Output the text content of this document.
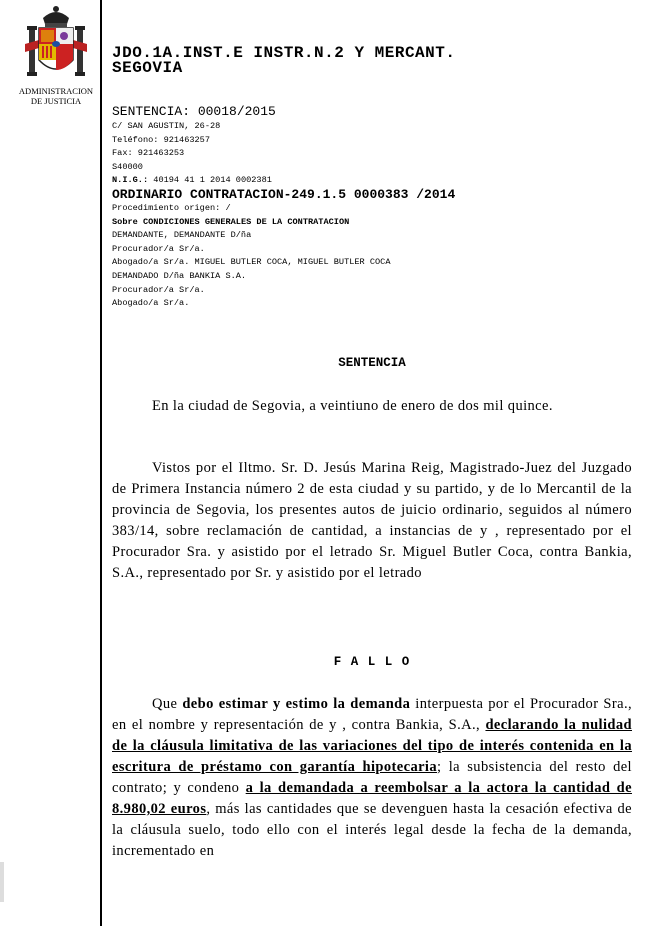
ADMINISTRACION
DE JUSTICIA
JDO.1A.INST.E INSTR.N.2 Y MERCANT.
SEGOVIA
SENTENCIA: 00018/2015
C/ SAN AGUSTIN, 26-28
Teléfono: 921463257
Fax: 921463253
S40000
N.I.G.: 40194 41 1 2014 0002381
ORDINARIO CONTRATACION-249.1.5 0000383 /2014
Procedimiento origen: /
Sobre CONDICIONES GENERALES DE LA CONTRATACION
DEMANDANTE, DEMANDANTE D/ña
Procurador/a Sr/a.
Abogado/a Sr/a. MIGUEL BUTLER COCA, MIGUEL BUTLER COCA
DEMANDADO D/ña BANKIA S.A.
Procurador/a Sr/a.
Abogado/a Sr/a.
SENTENCIA
En la ciudad de Segovia, a veintiuno de enero de dos mil quince.
Vistos por el Iltmo. Sr. D. Jesús Marina Reig, Magistrado-Juez del Juzgado de Primera Instancia número 2 de esta ciudad y su partido, y de lo Mercantil de la provincia de Segovia, los presentes autos de juicio ordinario, seguidos al número 383/14, sobre reclamación de cantidad, a instancias de y , representado por el Procurador Sra. y asistido por el letrado Sr. Miguel Butler Coca, contra Bankia, S.A., representado por Sr. y asistido por el letrado
F A L L O
Que debo estimar y estimo la demanda interpuesta por el Procurador Sra., en el nombre y representación de y , contra Bankia, S.A., declarando la nulidad de la cláusula limitativa de las variaciones del tipo de interés contenida en la escritura de préstamo con garantía hipotecaria; la subsistencia del resto del contrato; y condeno a la demandada a reembolsar a la actora la cantidad de 8.980,02 euros, más las cantidades que se devenguen hasta la cesación efectiva de la cláusula suelo, todo ello con el interés legal desde la fecha de la demanda, incrementado en
